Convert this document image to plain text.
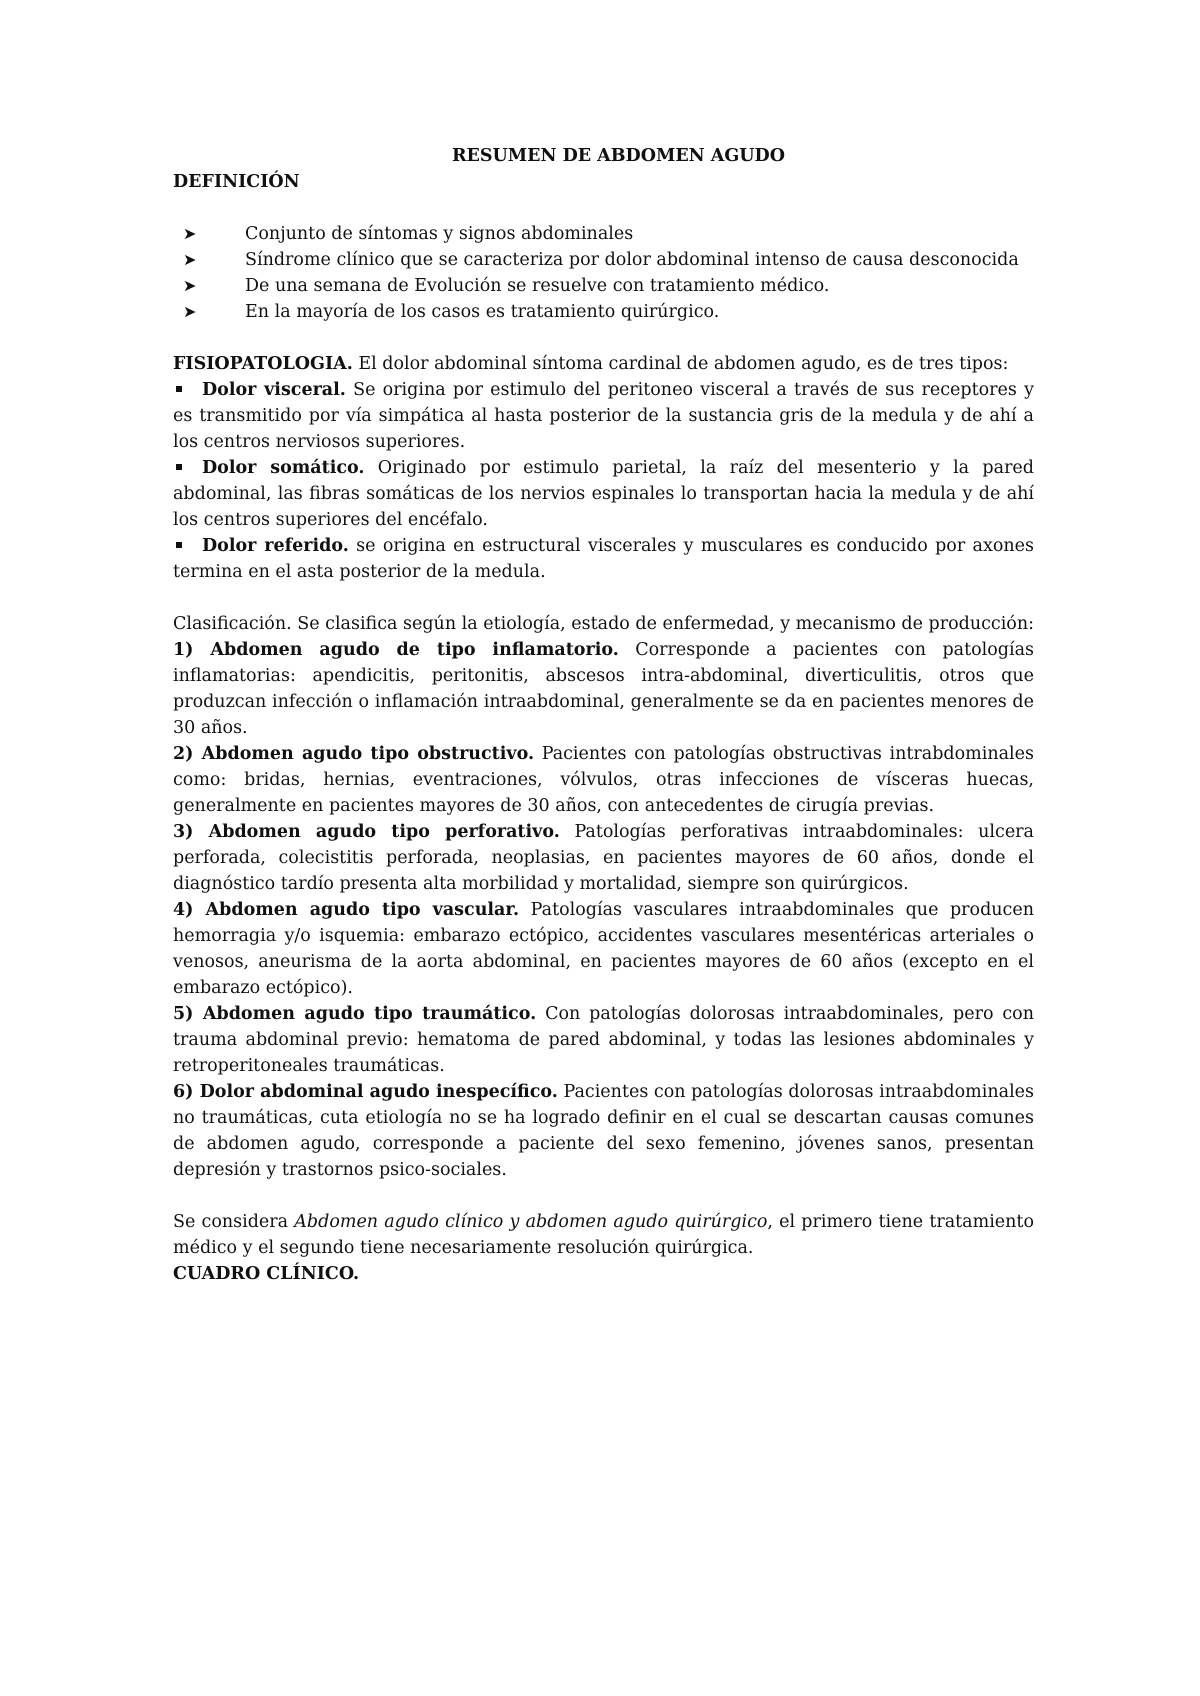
RESUMEN DE ABDOMEN AGUDO

DEFINICIÓN

➤	Conjunto de síntomas y signos abdominales
➤	Síndrome clínico que se caracteriza por dolor abdominal intenso de causa desconocida
➤	De una semana de Evolución se resuelve con tratamiento médico.
➤	En la mayoría de los casos es tratamiento quirúrgico.

FISIOPATOLOGIA. El dolor abdominal síntoma cardinal de abdomen agudo, es de tres tipos:

Dolor visceral. Se origina por estimulo del peritoneo visceral a través de sus receptores y es transmitido por vía simpática al hasta posterior de la sustancia gris de la medula y de ahí a los centros nerviosos superiores.

Dolor somático. Originado por estimulo parietal, la raíz del mesenterio y la pared abdominal, las fibras somáticas de los nervios espinales lo transportan hacia la medula y de ahí los centros superiores del encéfalo.

Dolor referido. se origina en estructural viscerales y musculares es conducido por axones termina en el asta posterior de la medula.

Clasificación. Se clasifica según la etiología, estado de enfermedad, y mecanismo de producción:

1) Abdomen agudo de tipo inflamatorio. Corresponde a pacientes con patologías inflamatorias: apendicitis, peritonitis, abscesos intra-abdominal, diverticulitis, otros que produzcan infección o inflamación intraabdominal, generalmente se da en pacientes menores de 30 años.

2) Abdomen agudo tipo obstructivo. Pacientes con patologías obstructivas intrabdominales como: bridas, hernias, eventraciones, vólvulos, otras infecciones de vísceras huecas, generalmente en pacientes mayores de 30 años, con antecedentes de cirugía previas.

3) Abdomen agudo tipo perforativo. Patologías perforativas intraabdominales: ulcera perforada, colecistitis perforada, neoplasias, en pacientes mayores de 60 años, donde el diagnóstico tardío presenta alta morbilidad y mortalidad, siempre son quirúrgicos.

4) Abdomen agudo tipo vascular. Patologías vasculares intraabdominales que producen hemorragia y/o isquemia: embarazo ectópico, accidentes vasculares mesentéricas arteriales o venosos, aneurisma de la aorta abdominal, en pacientes mayores de 60 años (excepto en el embarazo ectópico).

5) Abdomen agudo tipo traumático. Con patologías dolorosas intraabdominales, pero con trauma abdominal previo: hematoma de pared abdominal, y todas las lesiones abdominales y retroperitoneales traumáticas.

6) Dolor abdominal agudo inespecífico. Pacientes con patologías dolorosas intraabdominales no traumáticas, cuta etiología no se ha logrado definir en el cual se descartan causas comunes de abdomen agudo, corresponde a paciente del sexo femenino, jóvenes sanos, presentan depresión y trastornos psico-sociales.

Se considera Abdomen agudo clínico y abdomen agudo quirúrgico, el primero tiene tratamiento médico y el segundo tiene necesariamente resolución quirúrgica.

CUADRO CLÍNICO.
